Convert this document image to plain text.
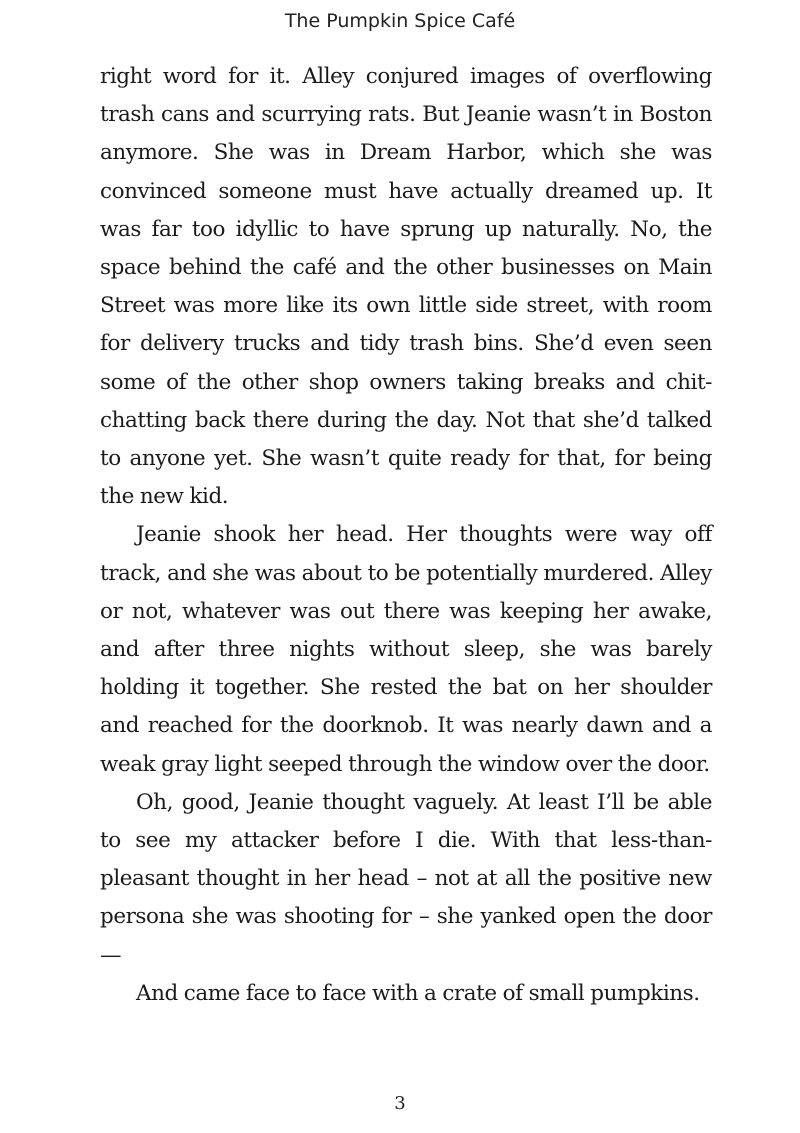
The Pumpkin Spice Café

right word for it. Alley conjured images of overflowing trash cans and scurrying rats. But Jeanie wasn’t in Boston anymore. She was in Dream Harbor, which she was convinced someone must have actually dreamed up. It was far too idyllic to have sprung up naturally. No, the space behind the café and the other businesses on Main Street was more like its own little side street, with room for delivery trucks and tidy trash bins. She’d even seen some of the other shop owners taking breaks and chit-chatting back there during the day. Not that she’d talked to anyone yet. She wasn’t quite ready for that, for being the new kid.

Jeanie shook her head. Her thoughts were way off track, and she was about to be potentially murdered. Alley or not, whatever was out there was keeping her awake, and after three nights without sleep, she was barely holding it together. She rested the bat on her shoulder and reached for the doorknob. It was nearly dawn and a weak gray light seeped through the window over the door.

Oh, good, Jeanie thought vaguely. At least I’ll be able to see my attacker before I die. With that less-than-pleasant thought in her head – not at all the positive new persona she was shooting for – she yanked open the door—

And came face to face with a crate of small pumpkins.

3
